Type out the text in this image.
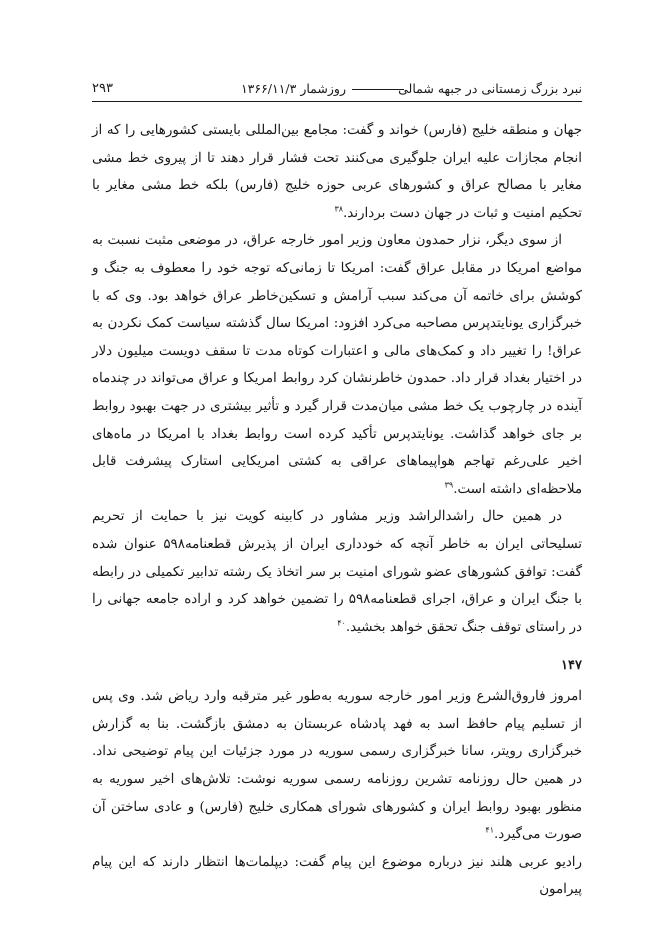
نبرد بزرگ زمستانی در جبهه شمالی
روزشمار ۱۳۶۶/۱۱/۳
۲۹۳

جهان و منطقه خلیج (فارس) خواند و گفت: مجامع بین‌المللی بایستی کشورهایی را که از انجام مجازات علیه ایران جلوگیری می‌کنند تحت فشار قرار دهند تا از پیروی خط مشی مغایر با مصالح عراق و کشورهای عربی حوزه خلیج (فارس) بلکه خط مشی مغایر با تحکیم امنیت و ثبات در جهان دست بردارند.$^{۳۸}$

از سوی دیگر، نزار حمدون معاون وزیر امور خارجه عراق، در موضعی مثبت نسبت به مواضع امریکا در مقابل عراق گفت: امریکا تا زمانی‌که توجه خود را معطوف به جنگ و کوشش برای خاتمه آن می‌کند سبب آرامش و تسکین‌خاطر عراق خواهد بود. وی که با خبرگزاری یونایتدپرس مصاحبه می‌کرد افزود: امریکا سال گذشته سیاست کمک نکردن به عراق! را تغییر داد و کمک‌های مالی و اعتبارات کوتاه مدت تا سقف دویست میلیون دلار در اختیار بغداد قرار داد. حمدون خاطرنشان کرد روابط امریکا و عراق می‌تواند در چندماه آینده در چارچوب یک خط مشی میان‌مدت قرار گیرد و تأثیر بیشتری در جهت بهبود روابط بر جای خواهد گذاشت. یونایتدپرس تأکید کرده است روابط بغداد با امریکا در ماه‌های اخیر علی‌رغم تهاجم هواپیماهای عراقی به کشتی امریکایی استارک پیشرفت قابل ملاحظه‌ای داشته است.$^{۳۹}$

در همین حال راشدالراشد وزیر مشاور در کابینه کویت نیز با حمایت از تحریم تسلیحاتی ایران به خاطر آنچه که خودداری ایران از پذیرش قطعنامه۵۹۸ عنوان شده گفت: توافق کشورهای عضو شورای امنیت بر سر اتخاذ یک رشته تدابیر تکمیلی در رابطه با جنگ ایران و عراق، اجرای قطعنامه۵۹۸ را تضمین خواهد کرد و اراده جامعه جهانی را در راستای توقف جنگ تحقق خواهد بخشید.$^{۴۰}$

۱۴۷

امروز فاروق‌الشرع وزیر امور خارجه سوریه به‌طور غیر مترقبه وارد ریاض شد. وی پس از تسلیم پیام حافظ اسد به فهد پادشاه عربستان به دمشق بازگشت. بنا به گزارش خبرگزاری رویتر، سانا خبرگزاری رسمی سوریه در مورد جزئیات این پیام توضیحی نداد. در همین حال روزنامه تشرین روزنامه رسمی سوریه نوشت: تلاش‌های اخیر سوریه به منظور بهبود روابط ایران و کشورهای شورای همکاری خلیج (فارس) و عادی ساختن آن صورت می‌گیرد.$^{۴۱}$

رادیو عربی هلند نیز درباره موضوع این پیام گفت: دیپلمات‌ها انتظار دارند که این پیام پیرامون
